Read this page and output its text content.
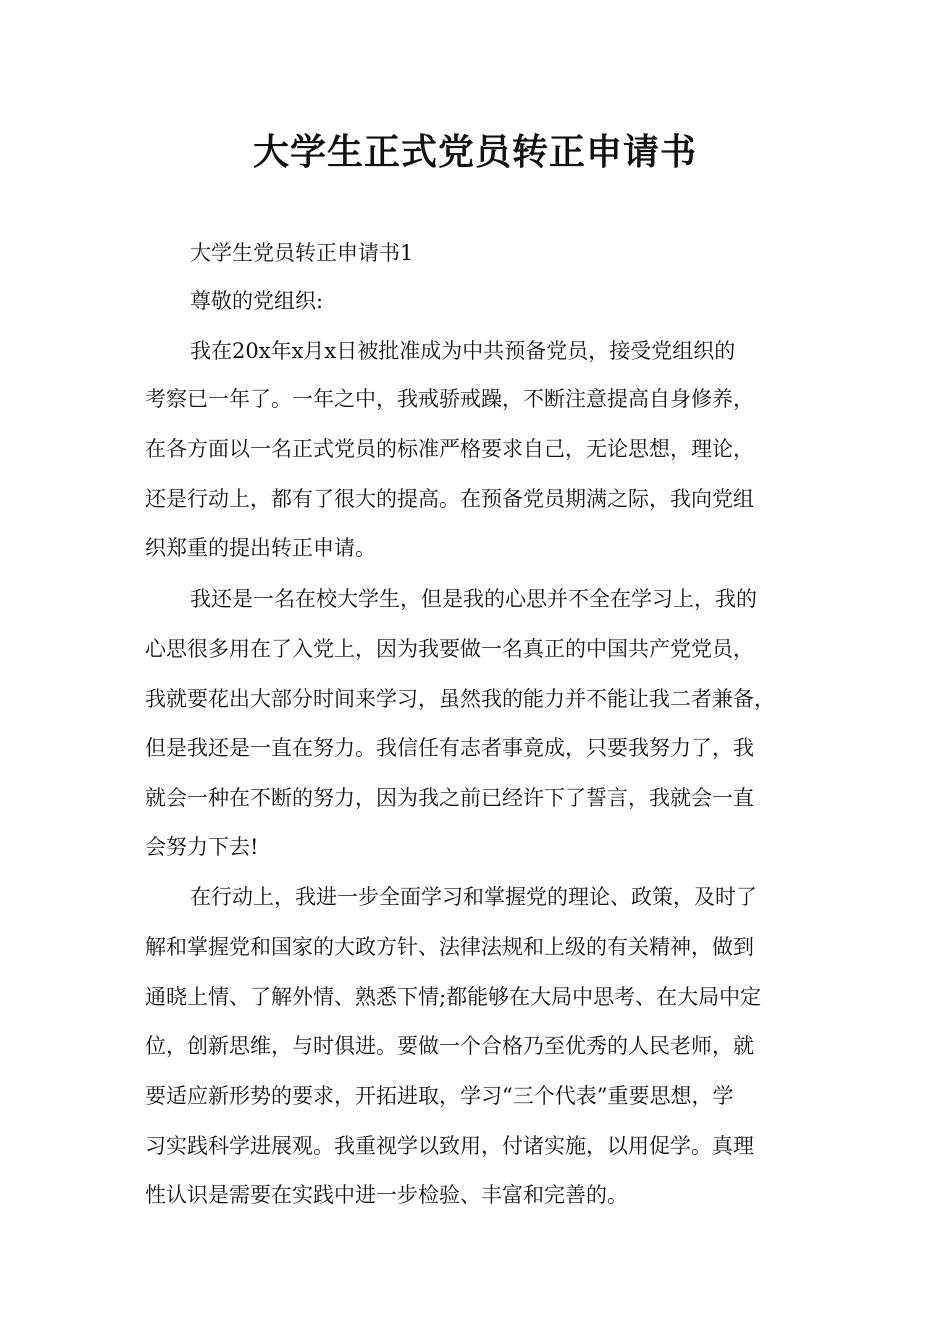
大学生正式党员转正申请书

大学生党员转正申请书1

尊敬的党组织:

我在20x年x月x日被批准成为中共预备党员，接受党组织的

考察已一年了。一年之中，我戒骄戒躁，不断注意提高自身修养，

在各方面以一名正式党员的标准严格要求自己，无论思想，理论，

还是行动上，都有了很大的提高。在预备党员期满之际，我向党组

织郑重的提出转正申请。

我还是一名在校大学生，但是我的心思并不全在学习上，我的

心思很多用在了入党上，因为我要做一名真正的中国共产党党员，

我就要花出大部分时间来学习，虽然我的能力并不能让我二者兼备，

但是我还是一直在努力。我信任有志者事竟成，只要我努力了，我

就会一种在不断的努力，因为我之前已经许下了誓言，我就会一直

会努力下去!

在行动上，我进一步全面学习和掌握党的理论、政策，及时了

解和掌握党和国家的大政方针、法律法规和上级的有关精神，做到

通晓上情、了解外情、熟悉下情;都能够在大局中思考、在大局中定

位，创新思维，与时俱进。要做一个合格乃至优秀的人民老师，就

要适应新形势的要求，开拓进取，学习“三个代表”重要思想，学

习实践科学进展观。我重视学以致用，付诸实施，以用促学。真理

性认识是需要在实践中进一步检验、丰富和完善的。
